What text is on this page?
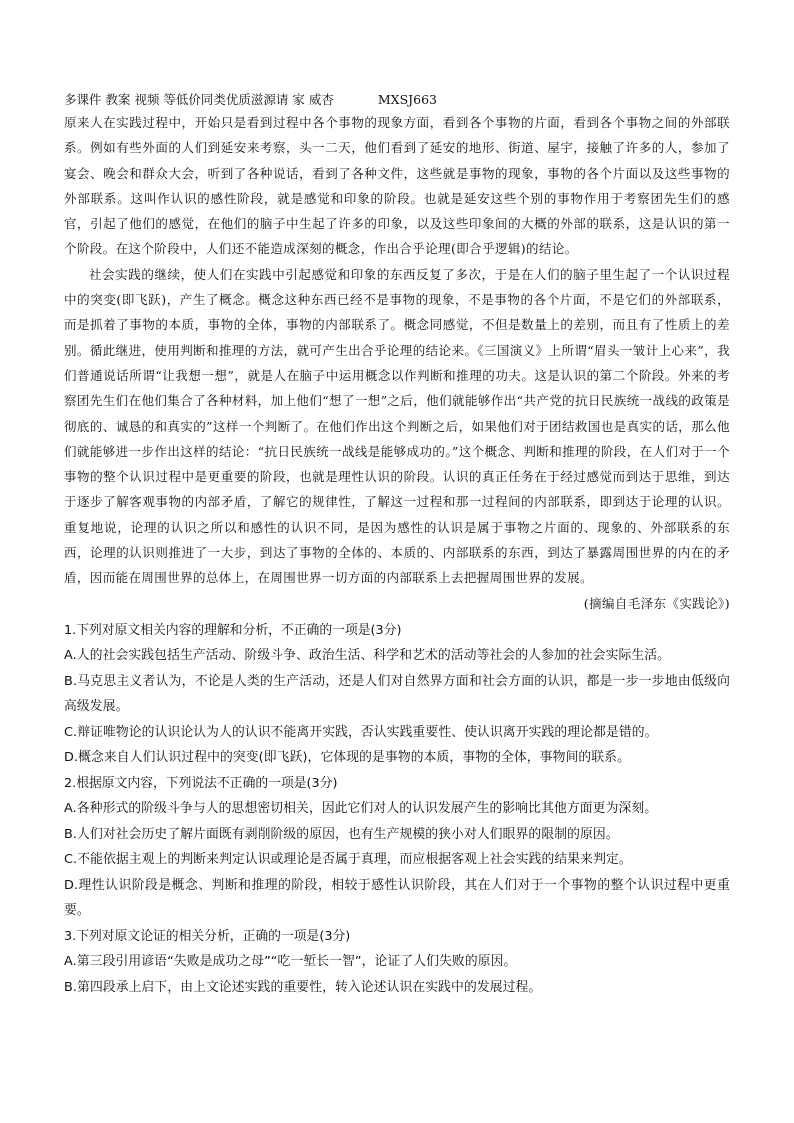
多课件 教案 视频 等低价同类优质滋源请 家 威杏	MXSJ663

原来人在实践过程中，开始只是看到过程中各个事物的现象方面，看到各个事物的片面，看到各个事物之间的外部联系。例如有些外面的人们到延安来考察，头一二天，他们看到了延安的地形、街道、屋宇，接触了许多的人，参加了宴会、晚会和群众大会，听到了各种说话，看到了各种文件，这些就是事物的现象，事物的各个片面以及这些事物的外部联系。这叫作认识的感性阶段，就是感觉和印象的阶段。也就是延安这些个别的事物作用于考察团先生们的感官，引起了他们的感觉，在他们的脑子中生起了许多的印象，以及这些印象间的大概的外部的联系，这是认识的第一个阶段。在这个阶段中，人们还不能造成深刻的概念，作出合乎论理(即合乎逻辑)的结论。

社会实践的继续，使人们在实践中引起感觉和印象的东西反复了多次，于是在人们的脑子里生起了一个认识过程中的突变(即飞跃)，产生了概念。概念这种东西已经不是事物的现象，不是事物的各个片面，不是它们的外部联系，而是抓着了事物的本质，事物的全体，事物的内部联系了。概念同感觉，不但是数量上的差别，而且有了性质上的差别。循此继进，使用判断和推理的方法，就可产生出合乎论理的结论来。《三国演义》上所谓“眉头一皱计上心来”，我们普通说话所谓“让我想一想”，就是人在脑子中运用概念以作判断和推理的功夫。这是认识的第二个阶段。外来的考察团先生们在他们集合了各种材料，加上他们“想了一想”之后，他们就能够作出“共产党的抗日民族统一战线的政策是彻底的、诚恳的和真实的”这样一个判断了。在他们作出这个判断之后，如果他们对于团结救国也是真实的话，那么他们就能够进一步作出这样的结论：“抗日民族统一战线是能够成功的。”这个概念、判断和推理的阶段，在人们对于一个事物的整个认识过程中是更重要的阶段，也就是理性认识的阶段。认识的真正任务在于经过感觉而到达于思维，到达于逐步了解客观事物的内部矛盾，了解它的规律性，了解这一过程和那一过程间的内部联系，即到达于论理的认识。重复地说，论理的认识之所以和感性的认识不同，是因为感性的认识是属于事物之片面的、现象的、外部联系的东西，论理的认识则推进了一大步，到达了事物的全体的、本质的、内部联系的东西，到达了暴露周围世界的内在的矛盾，因而能在周围世界的总体上，在周围世界一切方面的内部联系上去把握周围世界的发展。

(摘编自毛泽东《实践论》)

1.下列对原文相关内容的理解和分析，不正确的一项是(3分)

A.人的社会实践包括生产活动、阶级斗争、政治生活、科学和艺术的活动等社会的人参加的社会实际生活。

B.马克思主义者认为，不论是人类的生产活动，还是人们对自然界方面和社会方面的认识，都是一步一步地由低级向高级发展。

C.辩证唯物论的认识论认为人的认识不能离开实践，否认实践重要性、使认识离开实践的理论都是错的。

D.概念来自人们认识过程中的突变(即飞跃)，它体现的是事物的本质，事物的全体，事物间的联系。

2.根据原文内容，下列说法不正确的一项是(3分)

A.各种形式的阶级斗争与人的思想密切相关，因此它们对人的认识发展产生的影响比其他方面更为深刻。

B.人们对社会历史了解片面既有剥削阶级的原因，也有生产规模的狭小对人们眼界的限制的原因。

C.不能依据主观上的判断来判定认识或理论是否属于真理，而应根据客观上社会实践的结果来判定。

D.理性认识阶段是概念、判断和推理的阶段，相较于感性认识阶段，其在人们对于一个事物的整个认识过程中更重要。

3.下列对原文论证的相关分析，正确的一项是(3分)

A.第三段引用谚语“失败是成功之母”“吃一堑长一智”，论证了人们失败的原因。

B.第四段承上启下，由上文论述实践的重要性，转入论述认识在实践中的发展过程。
